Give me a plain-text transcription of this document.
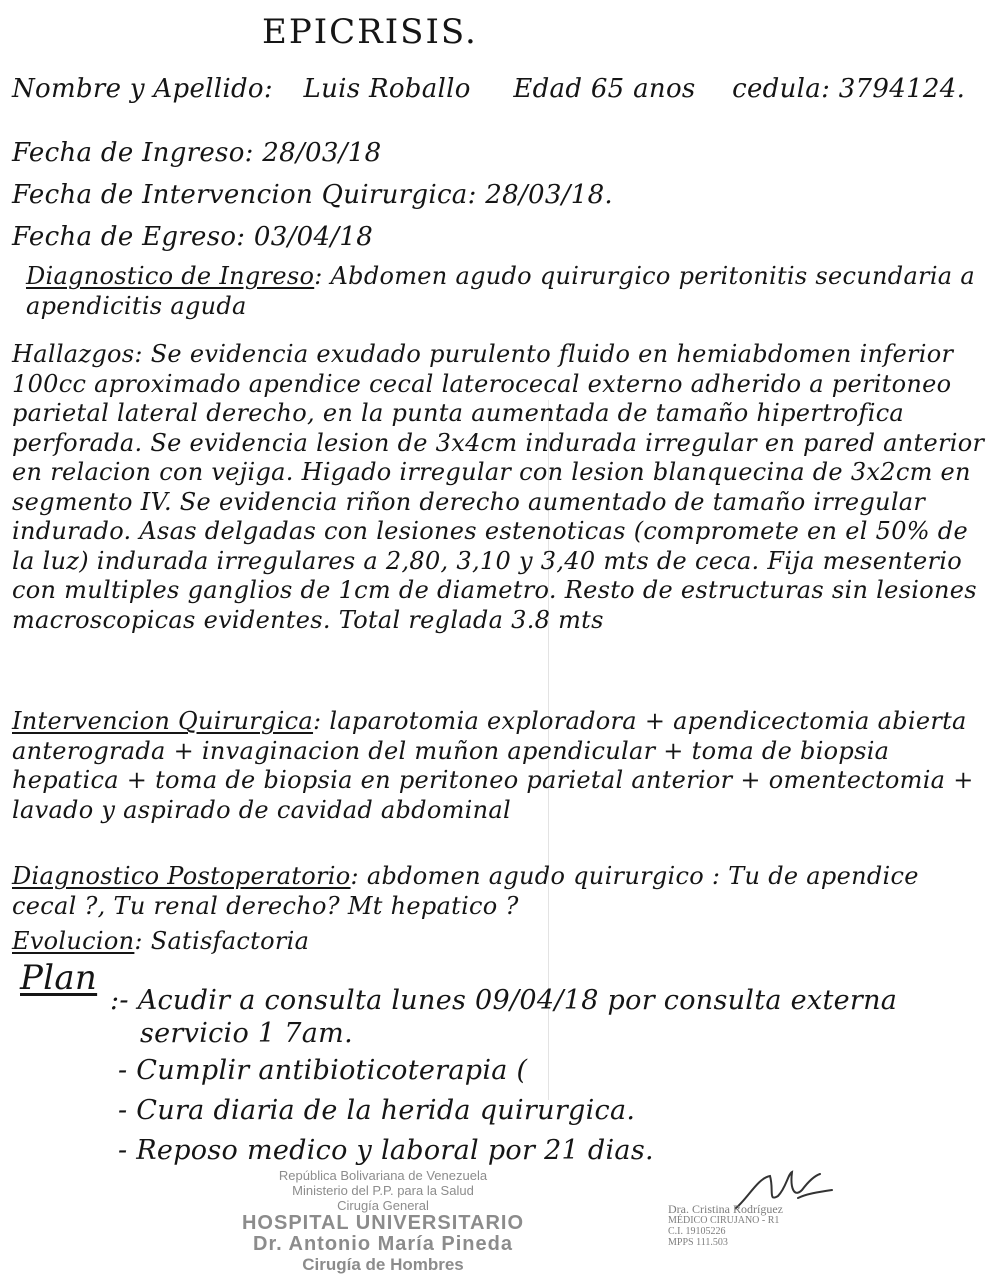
EPICRISIS.
Nombre y Apellido: Luis Roballo Edad 65 anos cedula: 3794124.
Fecha de Ingreso: 28/03/18
Fecha de Intervencion Quirurgica: 28/03/18.
Fecha de Egreso: 03/04/18
Diagnostico de Ingreso: Abdomen agudo quirurgico peritonitis secundaria a apendicitis aguda
Hallazgos: Se evidencia exudado purulento fluido en hemiabdomen inferior 100cc aproximado apendice cecal laterocecal externo adherido a peritoneo parietal lateral derecho, en la punta aumentada de tamaño hipertrofica perforada. Se evidencia lesion de 3x4cm indurada irregular en pared anterior en relacion con vejiga. Higado irregular con lesion blanquecina de 3x2cm en segmento IV. Se evidencia riñon derecho aumentado de tamaño irregular indurado. Asas delgadas con lesiones estenoticas (compromete en el 50% de la luz) indurada irregulares a 2,80, 3,10 y 3,40 mts de ceca. Fija mesenterio con multiples ganglios de 1cm de diametro. Resto de estructuras sin lesiones macroscopicas evidentes. Total reglada 3.8 mts
Intervencion Quirurgica: laparotomia exploradora + apendicectomia abierta anterograda + invaginacion del muñon apendicular + toma de biopsia hepatica + toma de biopsia en peritoneo parietal anterior + omentectomia + lavado y aspirado de cavidad abdominal
Diagnostico Postoperatorio: abdomen agudo quirurgico : Tu de apendice cecal ?, Tu renal derecho? Mt hepatico ?
Evolucion: Satisfactoria
Plan
:- Acudir a consulta lunes 09/04/18 por consulta externa
servicio 1 7am.
- Cumplir antibioticoterapia (
- Cura diaria de la herida quirurgica.
- Reposo medico y laboral por 21 dias.
República Bolivariana de Venezuela
Ministerio del P.P. para la Salud
Cirugía General
HOSPITAL UNIVERSITARIO
Dr. Antonio María Pineda
Cirugía de Hombres
Dra. Cristina Rodríguez
MÉDICO CIRUJANO - R1
C.I. 19105226
MPPS 111.503
